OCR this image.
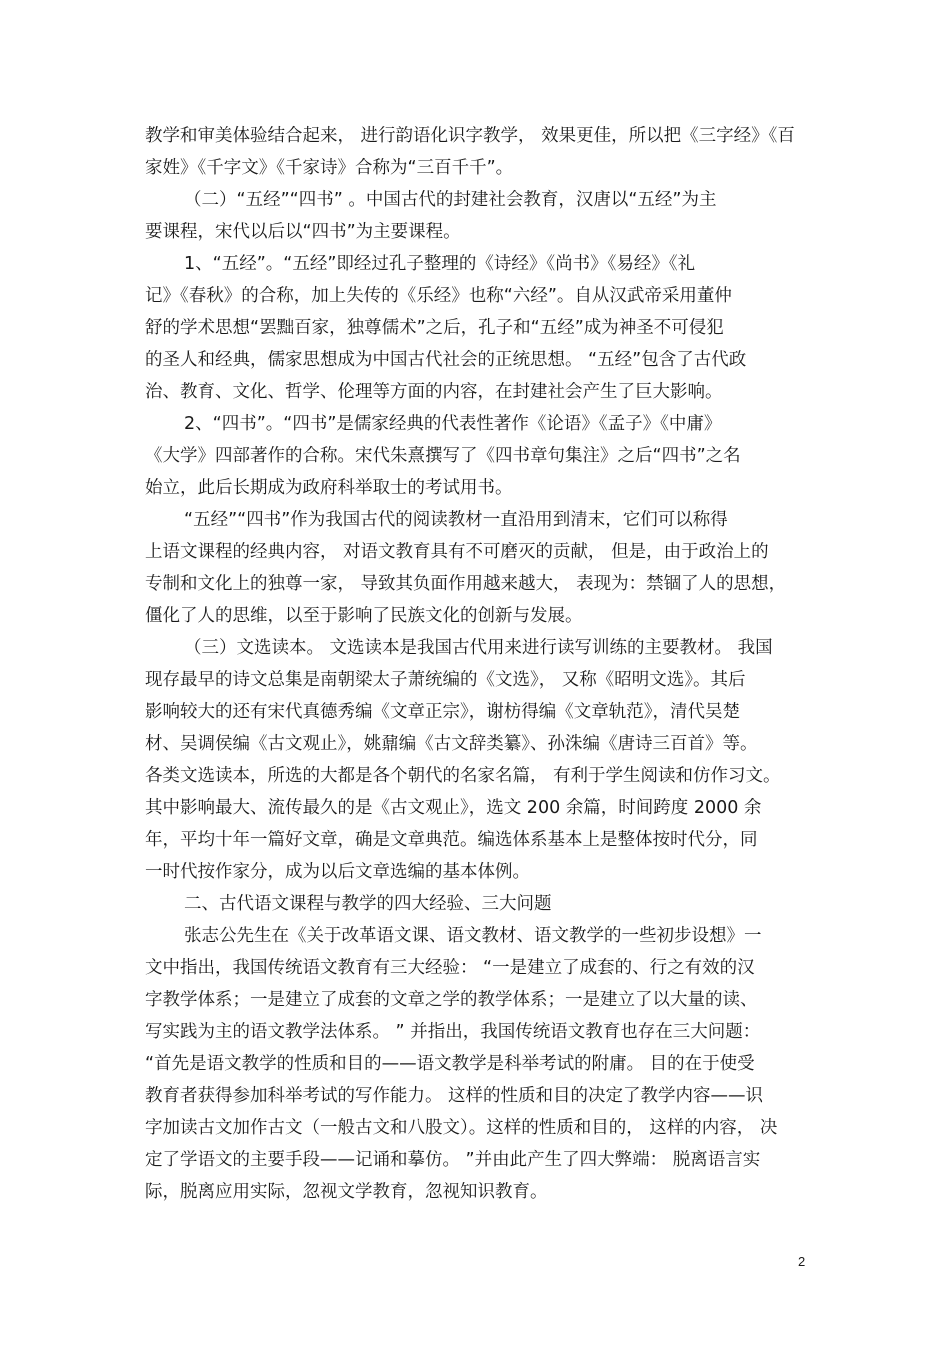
教学和审美体验结合起来， 进行韵语化识字教学， 效果更佳，所以把《三字经》《百
家姓》《千字文》《千家诗》合称为“三百千千”。
（二）“五经”“四书” 。中国古代的封建社会教育，汉唐以“五经”为主
要课程，宋代以后以“四书”为主要课程。
1、“五经”。“五经”即经过孔子整理的《诗经》《尚书》《易经》《礼
记》《春秋》的合称，加上失传的《乐经》也称“六经”。自从汉武帝采用董仲
舒的学术思想“罢黜百家，独尊儒术”之后，孔子和“五经”成为神圣不可侵犯
的圣人和经典，儒家思想成为中国古代社会的正统思想。 “五经”包含了古代政
治、教育、文化、哲学、伦理等方面的内容，在封建社会产生了巨大影响。
2、“四书”。“四书”是儒家经典的代表性著作《论语》《孟子》《中庸》
《大学》四部著作的合称。宋代朱熹撰写了《四书章句集注》之后“四书”之名
始立，此后长期成为政府科举取士的考试用书。
“五经”“四书”作为我国古代的阅读教材一直沿用到清末，它们可以称得
上语文课程的经典内容， 对语文教育具有不可磨灭的贡献， 但是，由于政治上的
专制和文化上的独尊一家， 导致其负面作用越来越大， 表现为：禁锢了人的思想，
僵化了人的思维，以至于影响了民族文化的创新与发展。
（三）文选读本。 文选读本是我国古代用来进行读写训练的主要教材。 我国
现存最早的诗文总集是南朝梁太子萧统编的《文选》， 又称《昭明文选》。其后
影响较大的还有宋代真德秀编《文章正宗》，谢枋得编《文章轨范》，清代吴楚
材、吴调侯编《古文观止》，姚鼐编《古文辞类纂》、孙洙编《唐诗三百首》等。
各类文选读本，所选的大都是各个朝代的名家名篇， 有利于学生阅读和仿作习文。
其中影响最大、流传最久的是《古文观止》，选文 200 余篇，时间跨度 2000 余
年，平均十年一篇好文章，确是文章典范。编选体系基本上是整体按时代分，同
一时代按作家分，成为以后文章选编的基本体例。
二、古代语文课程与教学的四大经验、三大问题
张志公先生在《关于改革语文课、语文教材、语文教学的一些初步设想》一
文中指出，我国传统语文教育有三大经验： “一是建立了成套的、行之有效的汉
字教学体系；一是建立了成套的文章之学的教学体系；一是建立了以大量的读、
写实践为主的语文教学法体系。 ” 并指出，我国传统语文教育也存在三大问题：
“首先是语文教学的性质和目的——语文教学是科举考试的附庸。 目的在于使受
教育者获得参加科举考试的写作能力。 这样的性质和目的决定了教学内容——识
字加读古文加作古文（一般古文和八股文）。这样的性质和目的， 这样的内容， 决
定了学语文的主要手段——记诵和摹仿。 ”并由此产生了四大弊端： 脱离语言实
际，脱离应用实际，忽视文学教育，忽视知识教育。
2
